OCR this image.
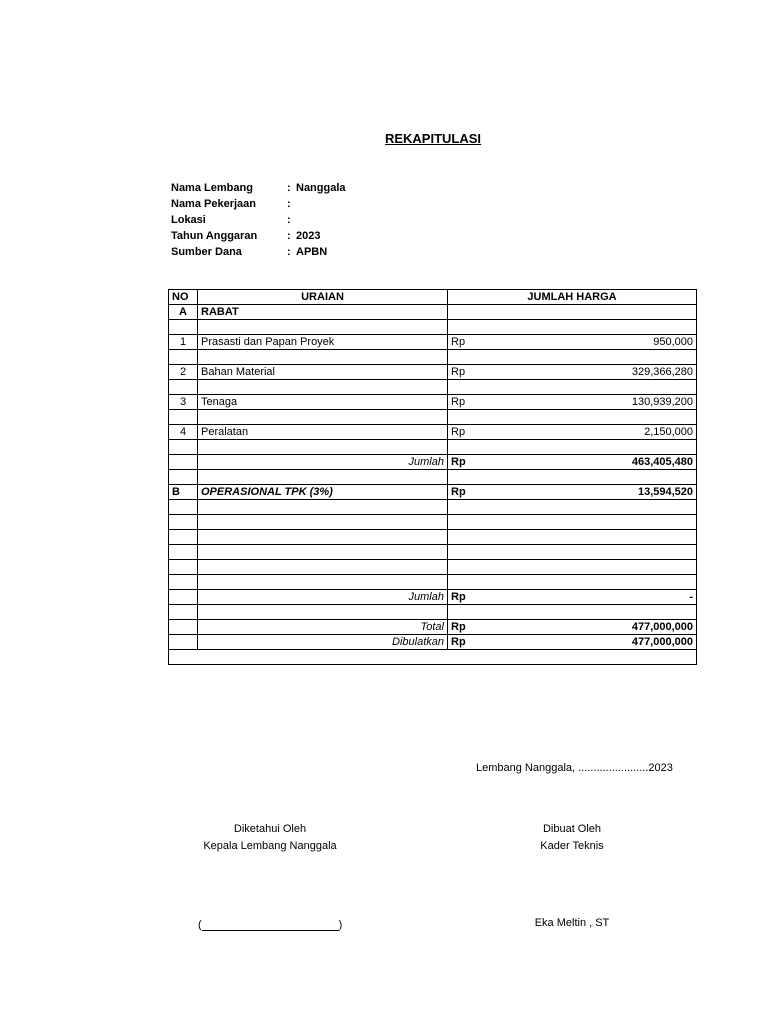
REKAPITULASI
Nama Lembang	: Nanggala
Nama Pekerjaan	:
Lokasi	:
Tahun Anggaran	: 2023
Sumber Dana	: APBN
NO	URAIAN	JUMLAH HARGA	
A	RABAT		

1	Prasasti dan Papan Proyek	Rp	950,000

2	Bahan Material	Rp	329,366,280

3	Tenaga	Rp	130,939,200

4	Peralatan	Rp	2,150,000

	Jumlah	Rp	463,405,480

B	OPERASIONAL TPK (3%)	Rp	13,594,520

	Jumlah	Rp	-

	Total	Rp	477,000,000
	Dibulatkan	Rp	477,000,000

Lembang Nanggala, .......................2023
Diketahui Oleh
Kepala Lembang Nanggala
Dibuat Oleh
Kader Teknis
(	)	Eka Meltin , ST
